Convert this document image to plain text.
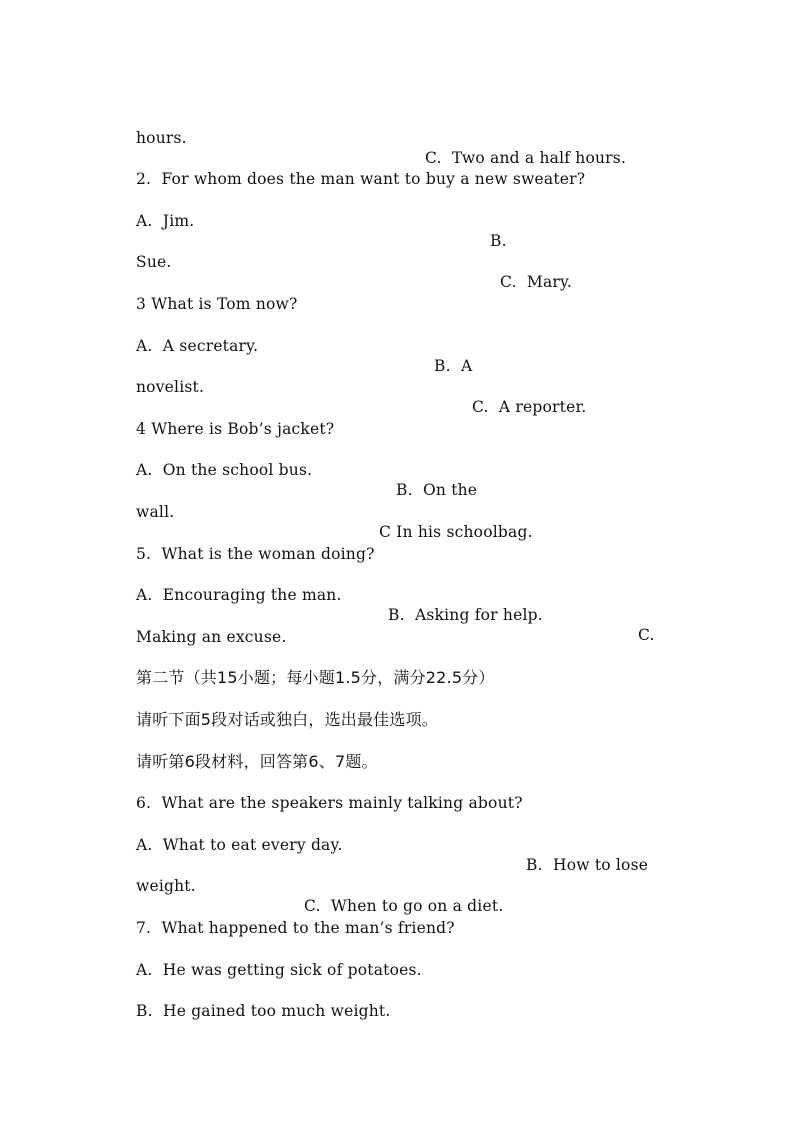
hours.

C.  Two and a half hours.

2.  For whom does the man want to buy a new sweater?

A.  Jim.

B.

Sue.

C.  Mary.

3 What is Tom now?

A.  A secretary.

B.  A

novelist.

C.  A reporter.

4 Where is Bob’s jacket?

A.  On the school bus.

B.  On the

wall.

C In his schoolbag.

5.  What is the woman doing?

A.  Encouraging the man.

B.  Asking for help.

C.

Making an excuse.

第二节（共15小题；每小题1.5分，满分22.5分）

请听下面5段对话或独白，选出最佳选项。

请听第6段材料，回答第6、7题。

6.  What are the speakers mainly talking about?

A.  What to eat every day.

B.  How to lose

weight.

C.  When to go on a diet.

7.  What happened to the man’s friend?

A.  He was getting sick of potatoes.

B.  He gained too much weight.
